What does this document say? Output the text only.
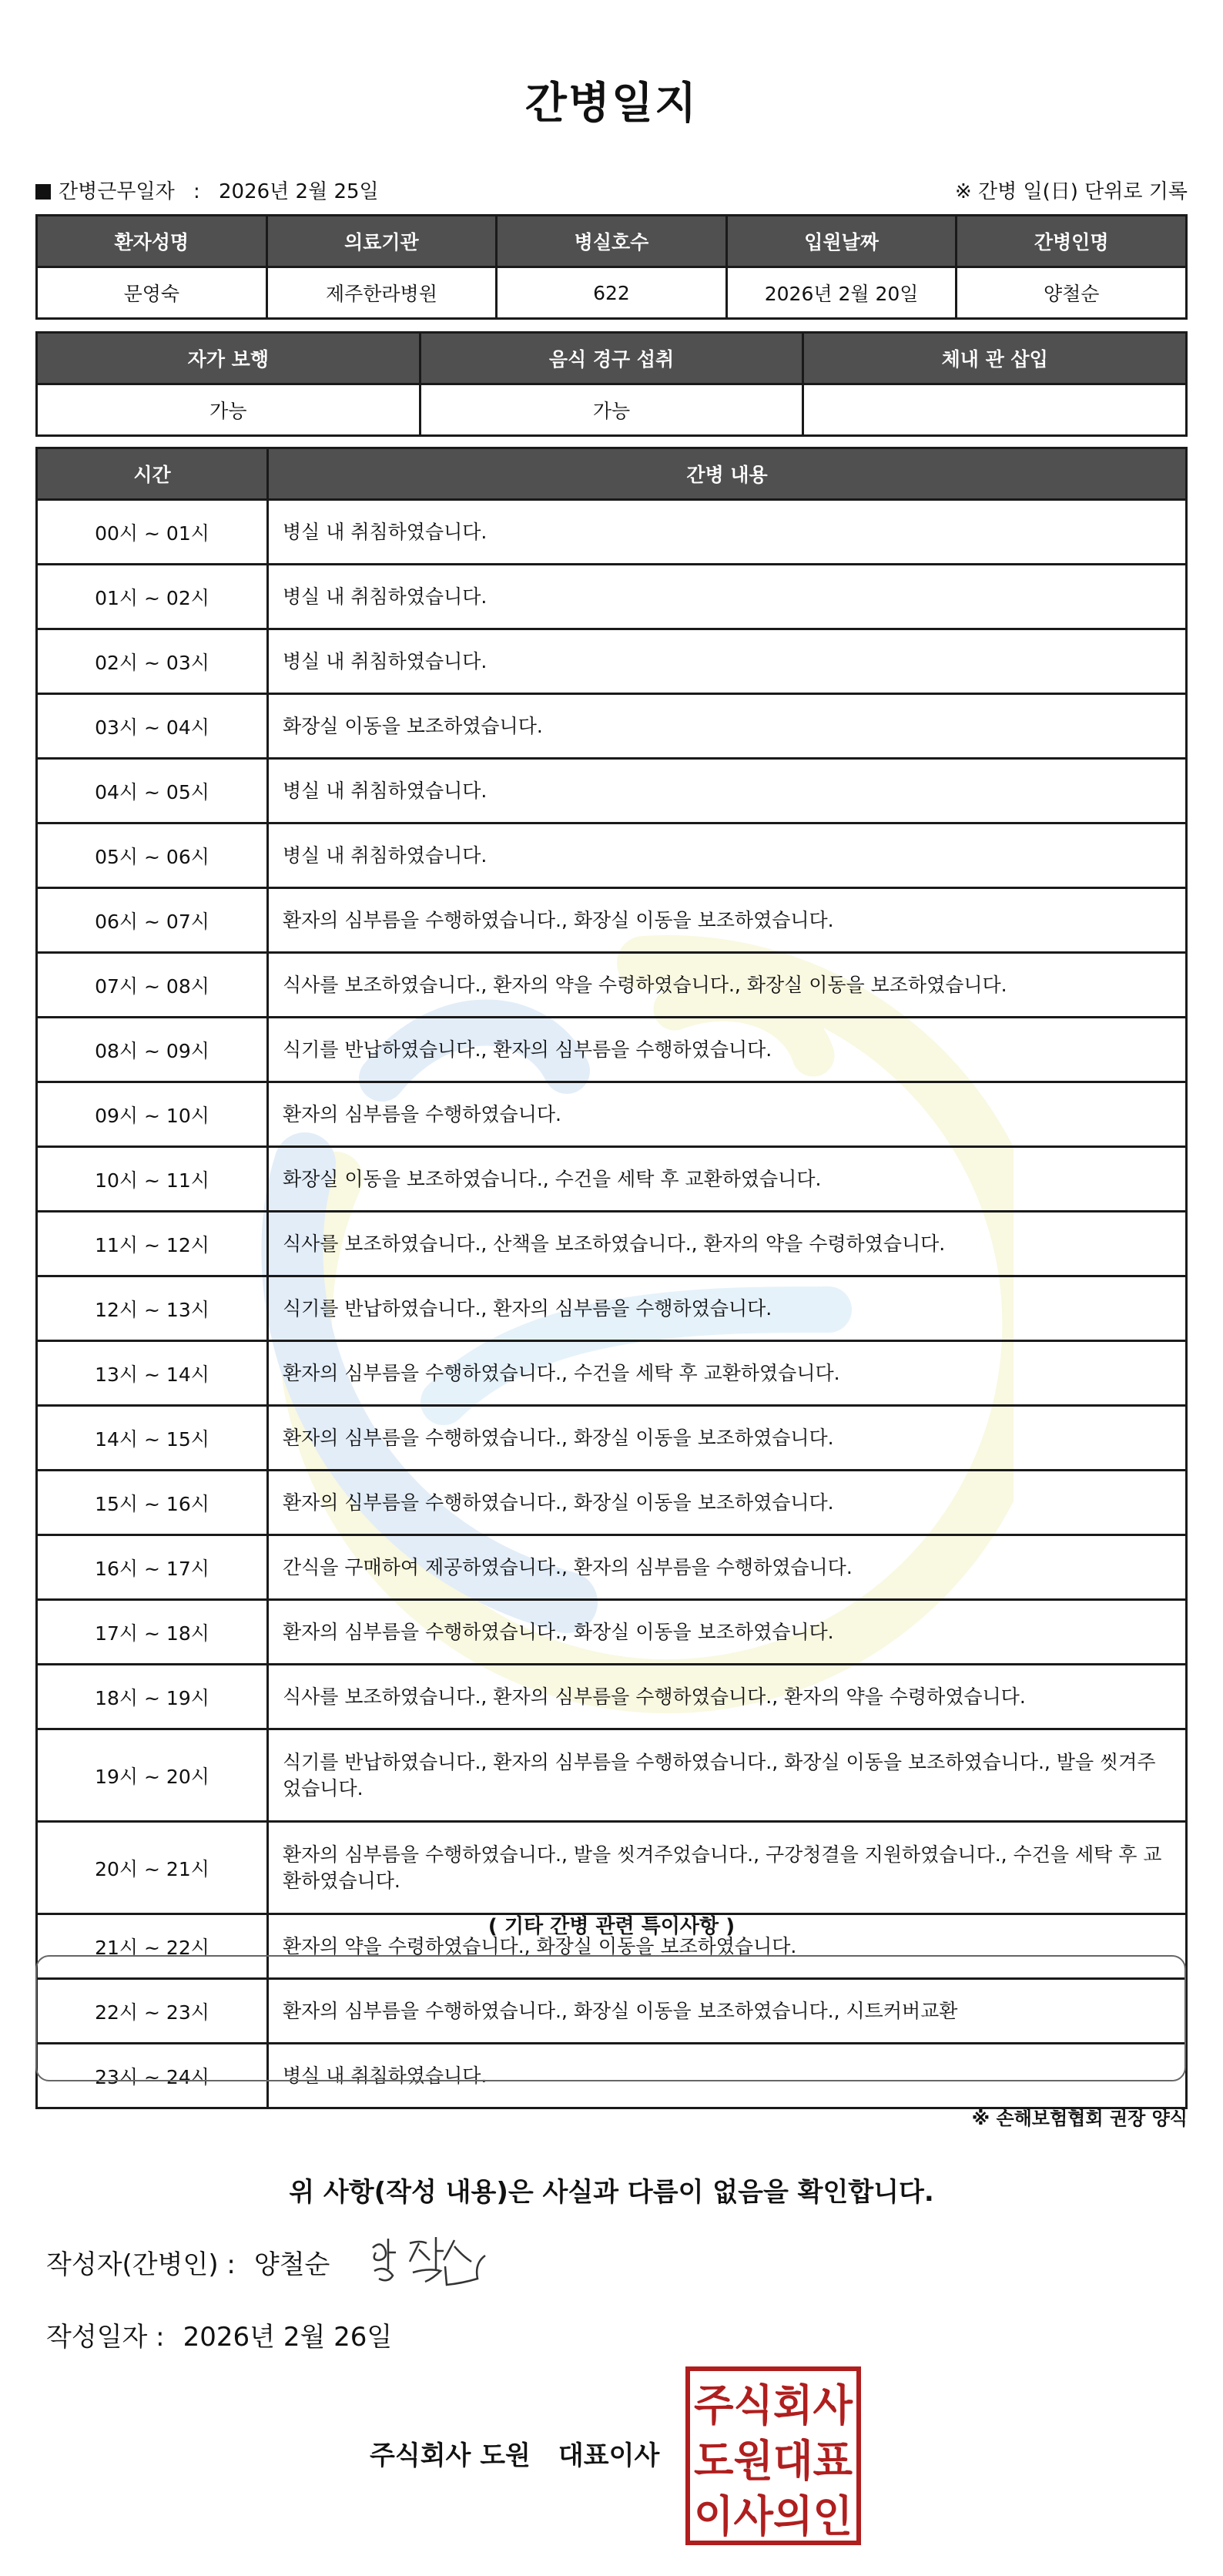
간병일지
간병근무일자 : 2026년 2월 25일	※ 간병 일(日) 단위로 기록
환자성명	의료기관	병실호수	입원날짜	간병인명
문영숙	제주한라병원	622	2026년 2월 20일	양철순
자가 보행	음식 경구 섭취	체내 관 삽입
가능	가능	
시간	간병 내용
00시 ~ 01시	병실 내 취침하였습니다.
01시 ~ 02시	병실 내 취침하였습니다.
02시 ~ 03시	병실 내 취침하였습니다.
03시 ~ 04시	화장실 이동을 보조하였습니다.
04시 ~ 05시	병실 내 취침하였습니다.
05시 ~ 06시	병실 내 취침하였습니다.
06시 ~ 07시	환자의 심부름을 수행하였습니다., 화장실 이동을 보조하였습니다.
07시 ~ 08시	식사를 보조하였습니다., 환자의 약을 수령하였습니다., 화장실 이동을 보조하였습니다.
08시 ~ 09시	식기를 반납하였습니다., 환자의 심부름을 수행하였습니다.
09시 ~ 10시	환자의 심부름을 수행하였습니다.
10시 ~ 11시	화장실 이동을 보조하였습니다., 수건을 세탁 후 교환하였습니다.
11시 ~ 12시	식사를 보조하였습니다., 산책을 보조하였습니다., 환자의 약을 수령하였습니다.
12시 ~ 13시	식기를 반납하였습니다., 환자의 심부름을 수행하였습니다.
13시 ~ 14시	환자의 심부름을 수행하였습니다., 수건을 세탁 후 교환하였습니다.
14시 ~ 15시	환자의 심부름을 수행하였습니다., 화장실 이동을 보조하였습니다.
15시 ~ 16시	환자의 심부름을 수행하였습니다., 화장실 이동을 보조하였습니다.
16시 ~ 17시	간식을 구매하여 제공하였습니다., 환자의 심부름을 수행하였습니다.
17시 ~ 18시	환자의 심부름을 수행하였습니다., 화장실 이동을 보조하였습니다.
18시 ~ 19시	식사를 보조하였습니다., 환자의 심부름을 수행하였습니다., 환자의 약을 수령하였습니다.
19시 ~ 20시	식기를 반납하였습니다., 환자의 심부름을 수행하였습니다., 화장실 이동을 보조하였습니다., 발을 씻겨주었습니다.
20시 ~ 21시	환자의 심부름을 수행하였습니다., 발을 씻겨주었습니다., 구강청결을 지원하였습니다., 수건을 세탁 후 교환하였습니다.
21시 ~ 22시	환자의 약을 수령하였습니다., 화장실 이동을 보조하였습니다.
22시 ~ 23시	환자의 심부름을 수행하였습니다., 화장실 이동을 보조하였습니다., 시트커버교환
23시 ~ 24시	병실 내 취침하였습니다.
( 기타 간병 관련 특이사항 )
※ 손해보험협회 권장 양식
위 사항(작성 내용)은 사실과 다름이 없음을 확인합니다.
작성자(간병인) : 양철순
작성일자 : 2026년 2월 26일
주식회사 도원 대표이사
주식회사
도원대표
이사의인
